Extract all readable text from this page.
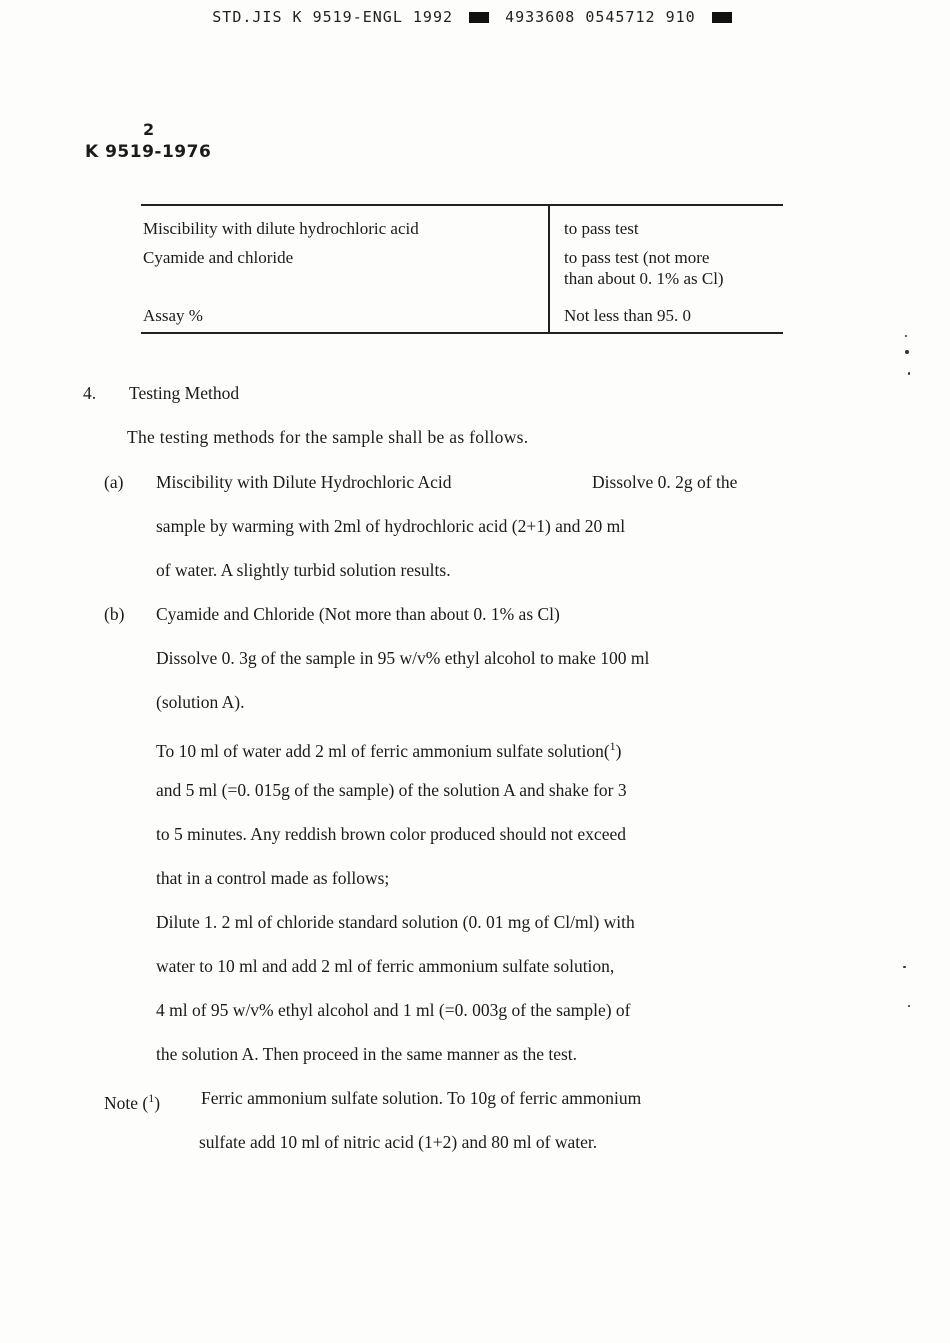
STD.JIS K 9519-ENGL 1992	4933608 0545712 910
2
K 9519-1976
Miscibility with dilute hydrochloric acid	to pass test
Cyamide and chloride	to pass test (not more
than about 0. 1% as Cl)

Assay %	Not less than 95. 0
4. Testing Method
The testing methods for the sample shall be as follows.
(a) Miscibility with Dilute Hydrochloric Acid	Dissolve 0. 2g of the
sample by warming with 2ml of hydrochloric acid (2+1) and 20 ml
of water. A slightly turbid solution results.
(b) Cyamide and Chloride (Not more than about 0. 1% as Cl)
Dissolve 0. 3g of the sample in 95 w/v% ethyl alcohol to make 100 ml
(solution A).
To 10 ml of water add 2 ml of ferric ammonium sulfate solution($^1$)
and 5 ml (=0. 015g of the sample) of the solution A and shake for 3
to 5 minutes. Any reddish brown color produced should not exceed
that in a control made as follows;
Dilute 1. 2 ml of chloride standard solution (0. 01 mg of Cl/ml) with
water to 10 ml and add 2 ml of ferric ammonium sulfate solution,
4 ml of 95 w/v% ethyl alcohol and 1 ml (=0. 003g of the sample) of
the solution A. Then proceed in the same manner as the test.
Note ($^1$) Ferric ammonium sulfate solution. To 10g of ferric ammonium
sulfate add 10 ml of nitric acid (1+2) and 80 ml of water.
